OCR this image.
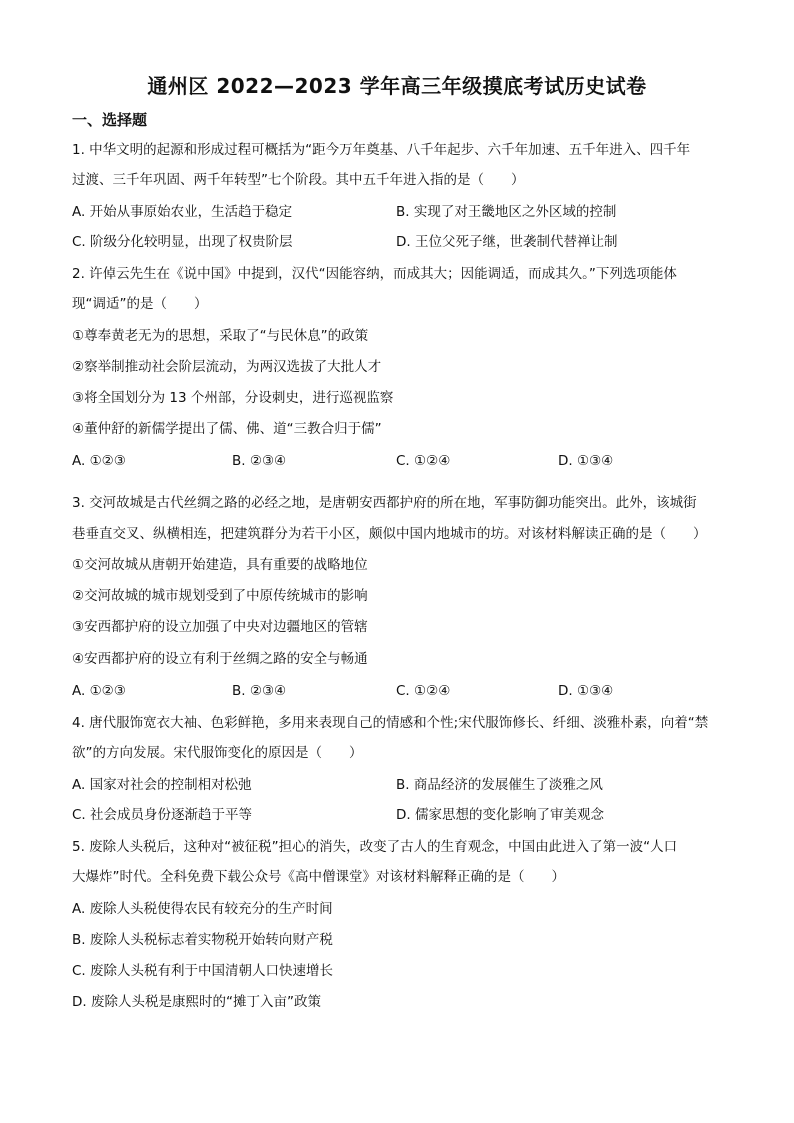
通州区 2022—2023 学年高三年级摸底考试历史试卷
一、选择题
1. 中华文明的起源和形成过程可概括为“距今万年奠基、八千年起步、六千年加速、五千年进入、四千年
过渡、三千年巩固、两千年转型”七个阶段。其中五千年进入指的是（　　）
A. 开始从事原始农业，生活趋于稳定	B. 实现了对王畿地区之外区域的控制
C. 阶级分化较明显，出现了权贵阶层	D. 王位父死子继，世袭制代替禅让制
2. 许倬云先生在《说中国》中提到，汉代“因能容纳，而成其大；因能调适，而成其久。”下列选项能体
现“调适”的是（　　）
①尊奉黄老无为的思想，采取了“与民休息”的政策
②察举制推动社会阶层流动，为两汉选拔了大批人才
③将全国划分为 13 个州部，分设刺史，进行巡视监察
④董仲舒的新儒学提出了儒、佛、道“三教合归于儒”
A. ①②③	B. ②③④	C. ①②④	D. ①③④
3. 交河故城是古代丝绸之路的必经之地，是唐朝安西都护府的所在地，军事防御功能突出。此外，该城街
巷垂直交叉、纵横相连，把建筑群分为若干小区，颇似中国内地城市的坊。对该材料解读正确的是（　　）
①交河故城从唐朝开始建造，具有重要的战略地位
②交河故城的城市规划受到了中原传统城市的影响
③安西都护府的设立加强了中央对边疆地区的管辖
④安西都护府的设立有利于丝绸之路的安全与畅通
A. ①②③	B. ②③④	C. ①②④	D. ①③④
4. 唐代服饰宽衣大袖、色彩鲜艳，多用来表现自己的情感和个性;宋代服饰修长、纤细、淡雅朴素，向着“禁
欲”的方向发展。宋代服饰变化的原因是（　　）
A. 国家对社会的控制相对松弛	B. 商品经济的发展催生了淡雅之风
C. 社会成员身份逐渐趋于平等	D. 儒家思想的变化影响了审美观念
5. 废除人头税后，这种对“被征税”担心的消失，改变了古人的生育观念，中国由此进入了第一波“人口
大爆炸”时代。全科免费下载公众号《高中僧课堂》对该材料解释正确的是（　　）
A. 废除人头税使得农民有较充分的生产时间
B. 废除人头税标志着实物税开始转向财产税
C. 废除人头税有利于中国清朝人口快速增长
D. 废除人头税是康熙时的“摊丁入亩”政策
